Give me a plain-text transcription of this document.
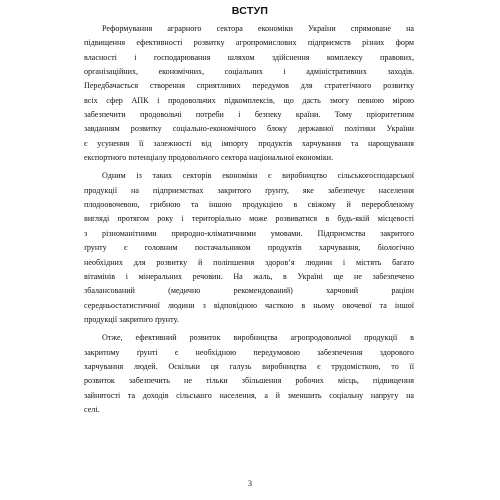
ВСТУП

Реформування аграрного сектора економіки України спрямоване на
підвищення ефективності розвитку агропромислових підприємств різних форм
власності і господарювання шляхом здійснення комплексу правових,
організаційних, економічних, соціальних і адміністративних заходів.
Передбачається створення сприятливих передумов для стратегічного розвитку
всіх сфер АПК і продовольчих підкомплексів, що дасть змогу певною мірою
забезпечити продовольчі потреби і безпеку країни. Тому пріоритетним
завданням розвитку соціально-економічного блоку державної політики України
є усунення її залежності від імпорту продуктів харчування та нарощування
експортного потенціалу продовольчого сектора національної економіки.

Одним із таких секторів економіки є виробництво сільськогосподарської
продукції на підприємствах закритого ґрунту, яке забезпечує населення
плодоовочевою, грибною та іншою продукцією в свіжому й переробленому
вигляді протягом року і територіально може розвиватися в будь-якій місцевості
з різноманітними природно-кліматичними умовами. Підприємства закритого
ґрунту є головним постачальником продуктів харчування, біологічно
необхідних для розвитку й поліпшення здоров’я людини і містять багато
вітамінів і мінеральних речовин. На жаль, в Україні ще не забезпечено
збалансований (медично рекомендований) харчовий раціон
середньостатистичної людини з відповідною часткою в ньому овочевої та іншої
продукції закритого ґрунту.

Отже, ефективний розвиток виробництва агропродовольчої продукції в
закритому ґрунті є необхідною передумовою забезпечення здорового
харчування людей. Оскільки ця галузь виробництва є трудомісткою, то її
розвиток забезпечить не тільки збільшення робочих місць, підвищення
зайнятості та доходів сільського населення, а й зменшить соціальну напругу на
селі.

3
